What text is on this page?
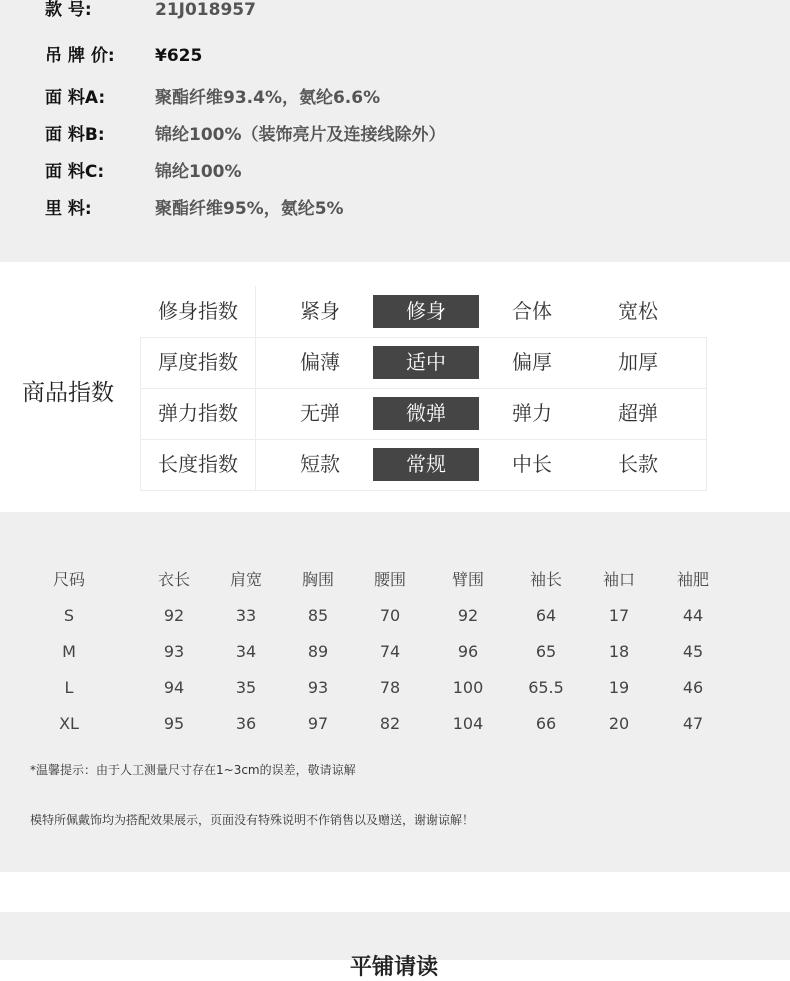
款 号:	21J018957
吊 牌 价: ¥625
面 料A:	聚酯纤维93.4%，氨纶6.6%
面 料B:	锦纶100%（装饰亮片及连接线除外）
面 料C:	锦纶100%
里 料:	聚酯纤维95%，氨纶5%
商品指数
修身指数	紧身	修身	合体	宽松
厚度指数	偏薄	适中	偏厚	加厚
弹力指数	无弹	微弹	弹力	超弹
长度指数	短款	常规	中长	长款
尺码	衣长	肩宽	胸围	腰围	臂围	袖长	袖口	袖肥
S	92	33	85	70	92	64	17	44
M	93	34	89	74	96	65	18	45
L	94	35	93	78	100	65.5	19	46
XL	95	36	97	82	104	66	20	47
*温馨提示：由于人工测量尺寸存在1~3cm的误差，敬请谅解
模特所佩戴饰均为搭配效果展示，页面没有特殊说明不作销售以及赠送，谢谢谅解！
平铺请读
